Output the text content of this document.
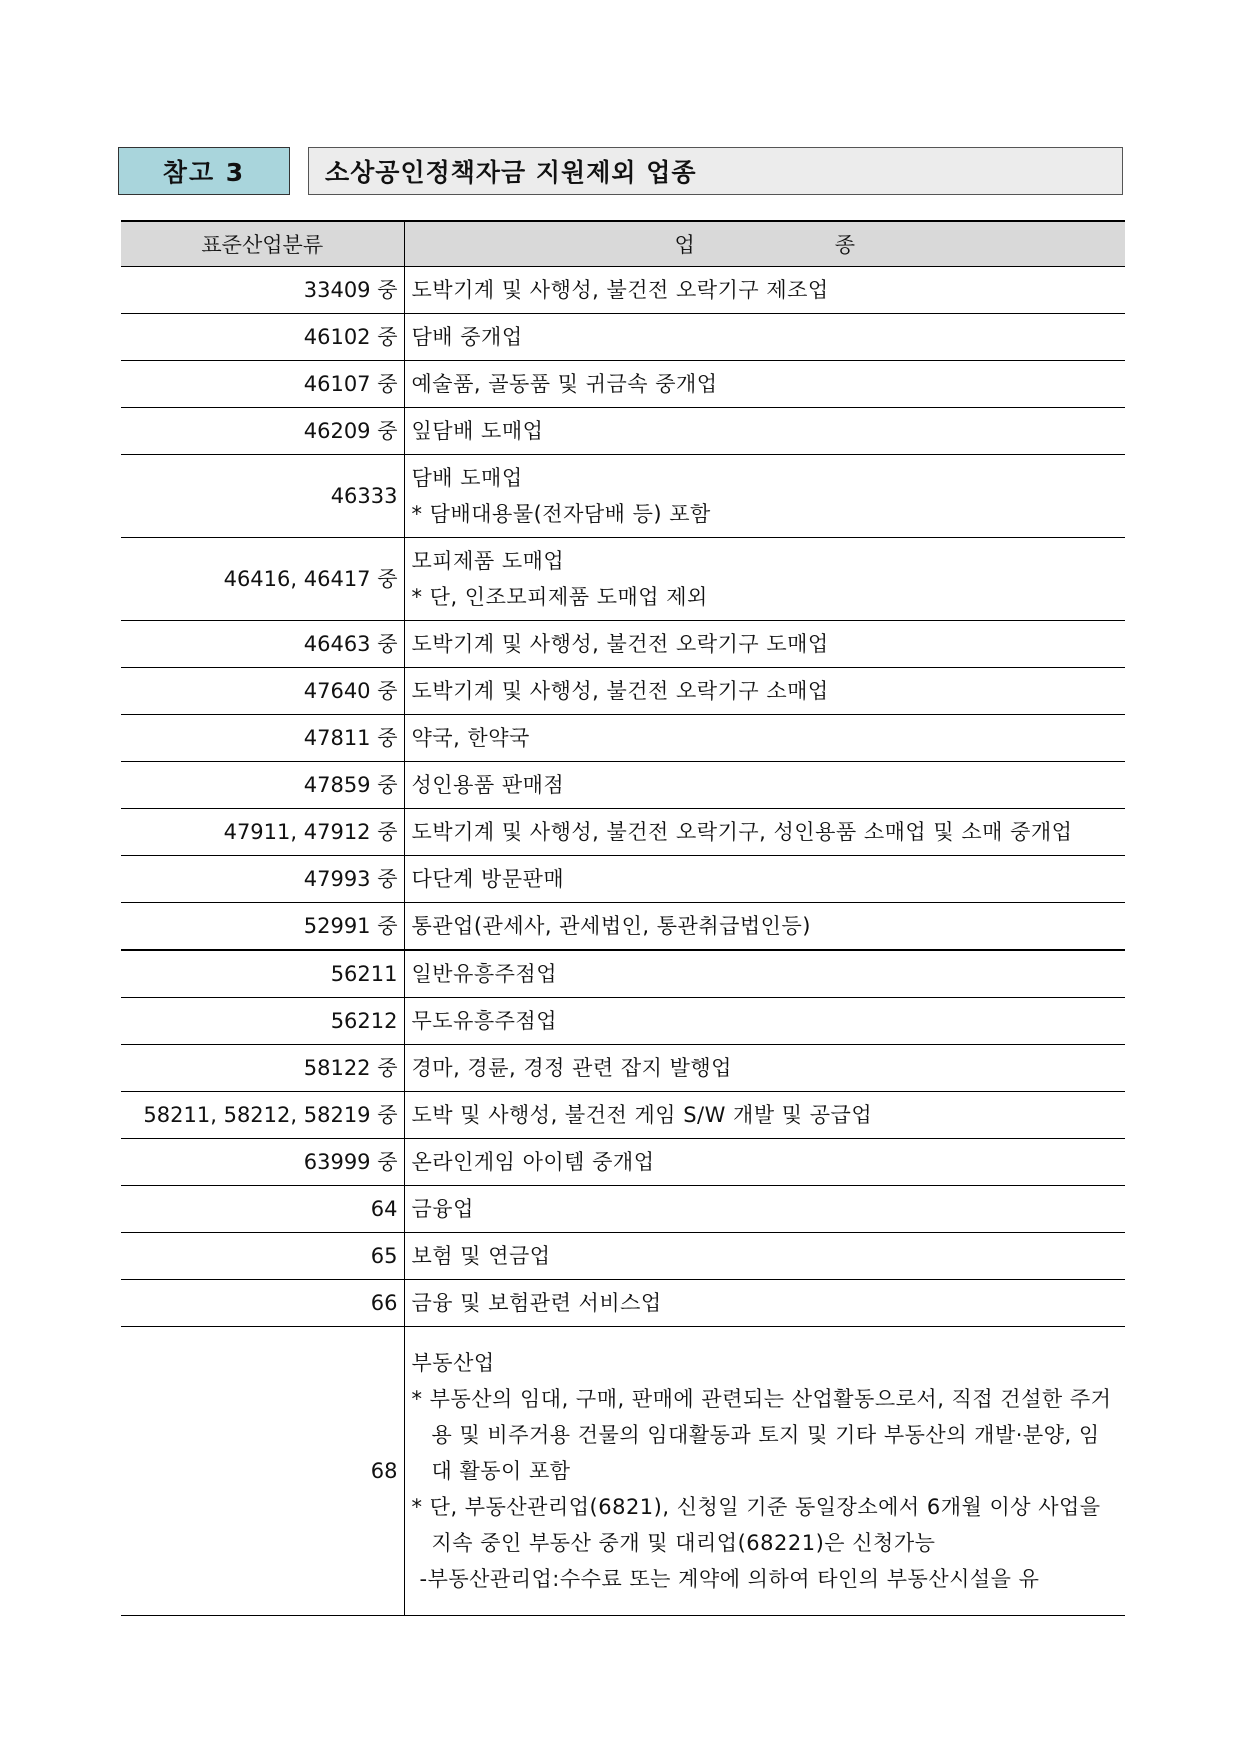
참고 3	소상공인정책자금 지원제외 업종
표준산업분류	업 종
33409 중	도박기계 및 사행성, 불건전 오락기구 제조업

46102 중	담배 중개업

46107 중	예술품, 골동품 및 귀금속 중개업

46209 중	잎담배 도매업

46333	담배 도매업
* 담배대용물(전자담배 등) 포함

46416, 46417 중	모피제품 도매업
* 단, 인조모피제품 도매업 제외

46463 중	도박기계 및 사행성, 불건전 오락기구 도매업

47640 중	도박기계 및 사행성, 불건전 오락기구 소매업

47811 중	약국, 한약국

47859 중	성인용품 판매점

47911, 47912 중	도박기계 및 사행성, 불건전 오락기구, 성인용품 소매업 및 소매 중개업

47993 중	다단계 방문판매

52991 중	통관업(관세사, 관세법인, 통관취급법인등)

56211	일반유흥주점업

56212	무도유흥주점업

58122 중	경마, 경륜, 경정 관련 잡지 발행업

58211, 58212, 58219 중	도박 및 사행성, 불건전 게임 S/W 개발 및 공급업

63999 중	온라인게임 아이템 중개업

64	금융업

65	보험 및 연금업

66	금융 및 보험관련 서비스업

68	부동산업
* 부동산의 임대, 구매, 판매에 관련되는 산업활동으로서, 직접 건설한 주거용 및 비주거용 건물의 임대활동과 토지 및 기타 부동산의 개발·분양, 임대 활동이 포함
* 단, 부동산관리업(6821), 신청일 기준 동일장소에서 6개월 이상 사업을 지속 중인 부동산 중개 및 대리업(68221)은 신청가능
-부동산관리업:수수료 또는 계약에 의하여 타인의 부동산시설을 유
